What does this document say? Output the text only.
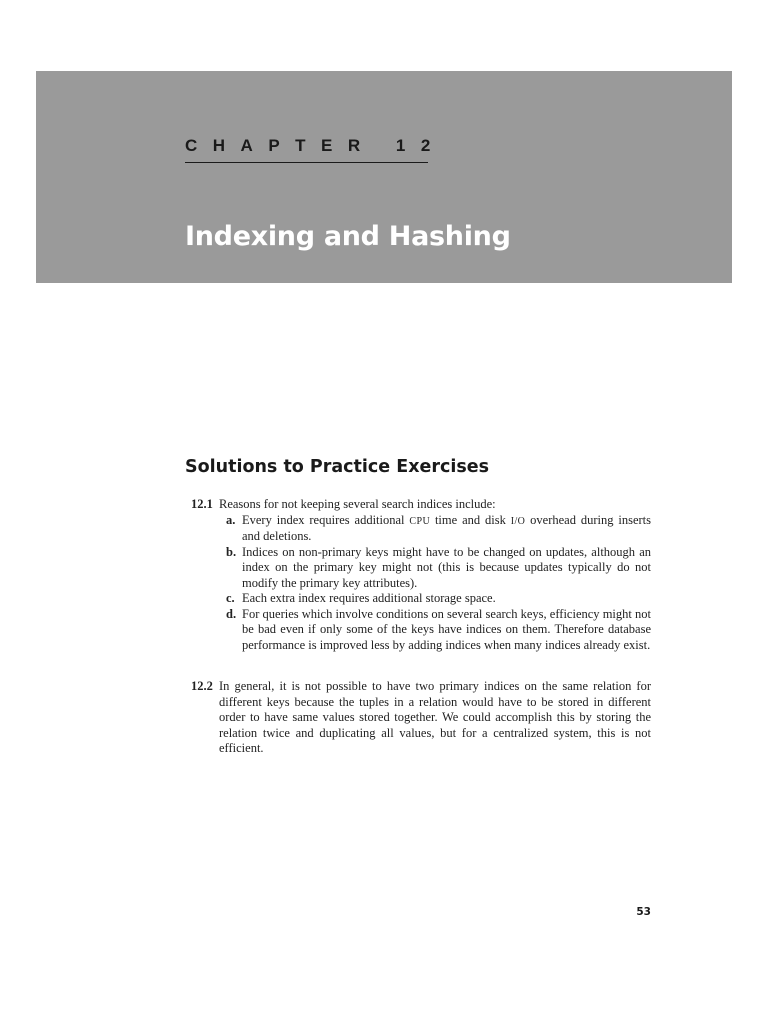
CHAPTER 12
Indexing and Hashing
Solutions to Practice Exercises
12.1 Reasons for not keeping several search indices include:

a. Every index requires additional CPU time and disk I/O overhead during inserts and deletions.
b. Indices on non-primary keys might have to be changed on updates, although an index on the primary key might not (this is because updates typically do not modify the primary key attributes).
c. Each extra index requires additional storage space.
d. For queries which involve conditions on several search keys, efficiency might not be bad even if only some of the keys have indices on them. Therefore database performance is improved less by adding indices when many indices already exist.
12.2 In general, it is not possible to have two primary indices on the same relation for different keys because the tuples in a relation would have to be stored in different order to have same values stored together. We could accomplish this by storing the relation twice and duplicating all values, but for a centralized system, this is not efficient.
53
